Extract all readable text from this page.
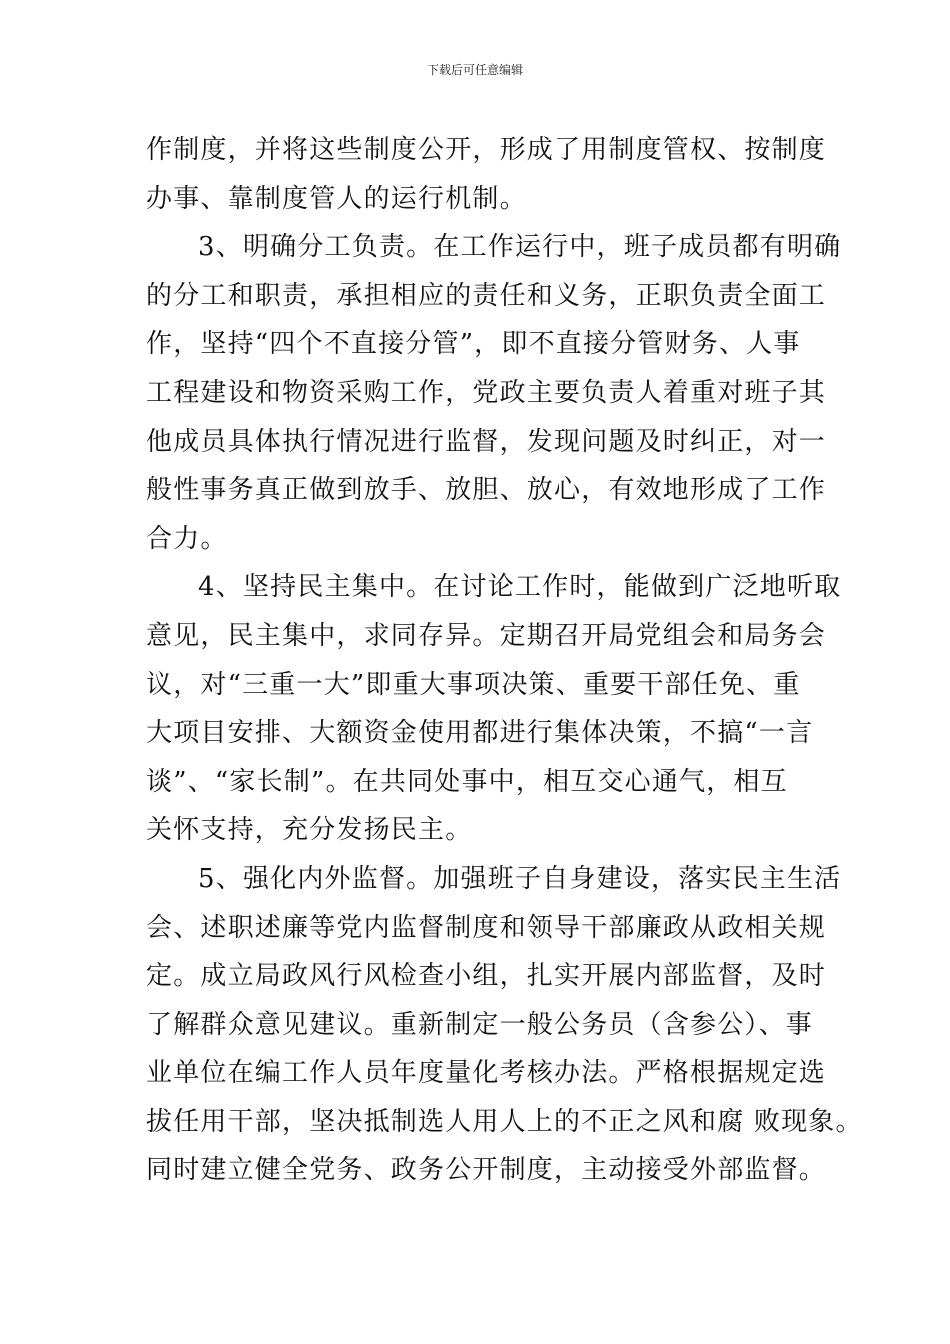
下载后可任意编辑
作制度，并将这些制度公开，形成了用制度管权、按制度
办事、靠制度管人的运行机制。
3、明确分工负责。在工作运行中，班子成员都有明确
的分工和职责，承担相应的责任和义务，正职负责全面工
作，坚持“四个不直接分管”，即不直接分管财务、人事
工程建设和物资采购工作，党政主要负责人着重对班子其
他成员具体执行情况进行监督，发现问题及时纠正，对一
般性事务真正做到放手、放胆、放心，有效地形成了工作
合力。
4、坚持民主集中。在讨论工作时，能做到广泛地听取
意见，民主集中，求同存异。定期召开局党组会和局务会
议，对“三重一大”即重大事项决策、重要干部任免、重
大项目安排、大额资金使用都进行集体决策，不搞“一言
谈”、“家长制”。在共同处事中，相互交心通气，相互
关怀支持，充分发扬民主。
5、强化内外监督。加强班子自身建设，落实民主生活
会、述职述廉等党内监督制度和领导干部廉政从政相关规
定。成立局政风行风检查小组，扎实开展内部监督，及时
了解群众意见建议。重新制定一般公务员（含参公）、事
业单位在编工作人员年度量化考核办法。严格根据规定选
拔任用干部，坚决抵制选人用人上的不正之风和腐 败现象。
同时建立健全党务、政务公开制度，主动接受外部监督。
